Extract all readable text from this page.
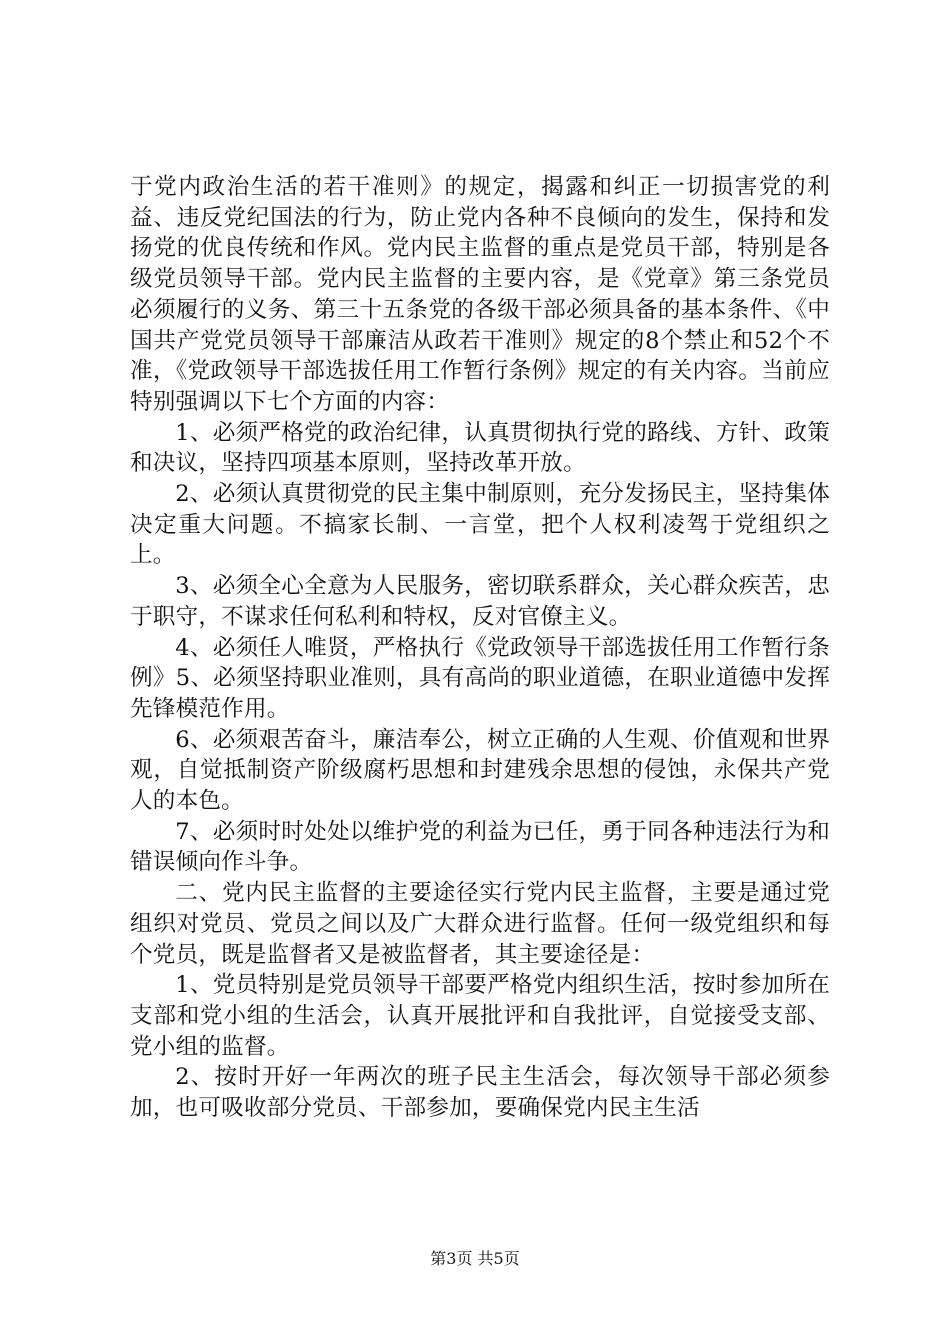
于党内政治生活的若干准则》的规定，揭露和纠正一切损害党的利益、违反党纪国法的行为，防止党内各种不良倾向的发生，保持和发扬党的优良传统和作风。党内民主监督的重点是党员干部，特别是各级党员领导干部。党内民主监督的主要内容，是《党章》第三条党员必须履行的义务、第三十五条党的各级干部必须具备的基本条件、《中国共产党党员领导干部廉洁从政若干准则》规定的8个禁止和52个不准，《党政领导干部选拔任用工作暂行条例》规定的有关内容。当前应特别强调以下七个方面的内容：

1、必须严格党的政治纪律，认真贯彻执行党的路线、方针、政策和决议，坚持四项基本原则，坚持改革开放。

2、必须认真贯彻党的民主集中制原则，充分发扬民主，坚持集体决定重大问题。不搞家长制、一言堂，把个人权利凌驾于党组织之上。

3、必须全心全意为人民服务，密切联系群众，关心群众疾苦，忠于职守，不谋求任何私利和特权，反对官僚主义。

4、必须任人唯贤，严格执行《党政领导干部选拔任用工作暂行条例》5、必须坚持职业准则，具有高尚的职业道德，在职业道德中发挥先锋模范作用。

6、必须艰苦奋斗，廉洁奉公，树立正确的人生观、价值观和世界观，自觉抵制资产阶级腐朽思想和封建残余思想的侵蚀，永保共产党人的本色。

7、必须时时处处以维护党的利益为已任，勇于同各种违法行为和错误倾向作斗争。

二、党内民主监督的主要途径实行党内民主监督，主要是通过党组织对党员、党员之间以及广大群众进行监督。任何一级党组织和每个党员，既是监督者又是被监督者，其主要途径是：

1、党员特别是党员领导干部要严格党内组织生活，按时参加所在支部和党小组的生活会，认真开展批评和自我批评，自觉接受支部、党小组的监督。

2、按时开好一年两次的班子民主生活会，每次领导干部必须参加，也可吸收部分党员、干部参加，要确保党内民主生活

第3页 共5页
